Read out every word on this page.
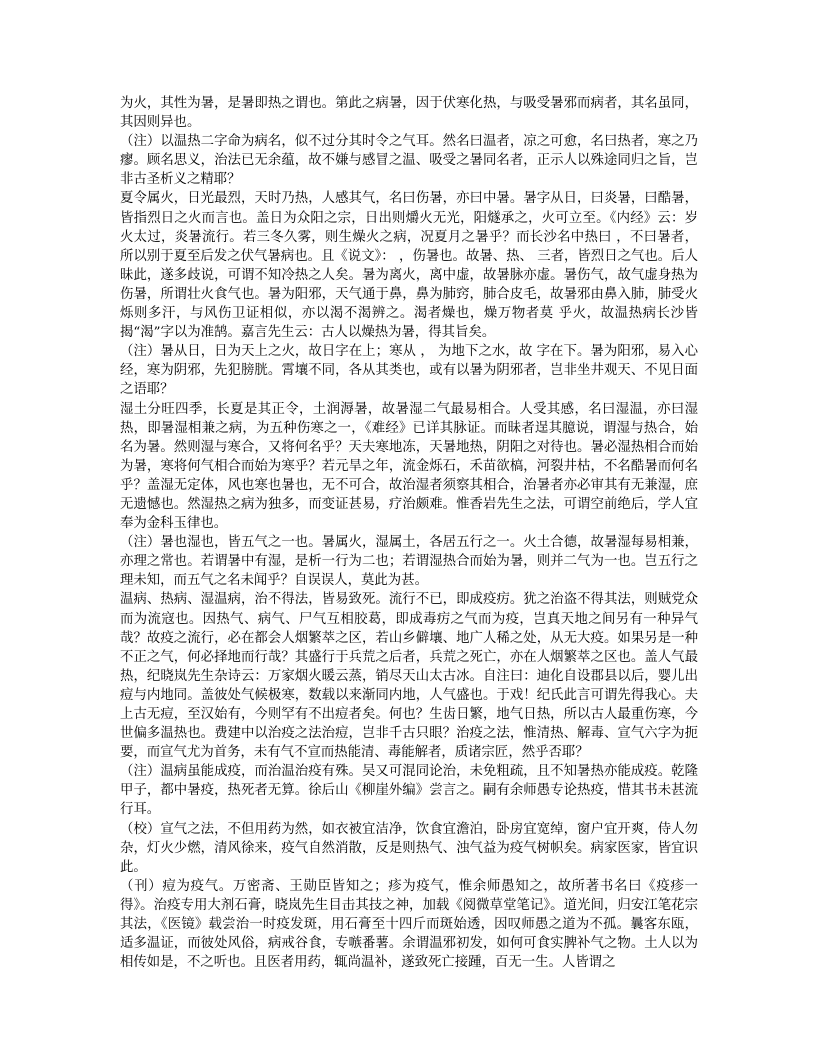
为火，其性为暑，是暑即热之谓也。第此之病暑，因于伏寒化热，与吸受暑邪而病者，其名虽同，其因则异也。

（注）以温热二字命为病名，似不过分其时令之气耳。然名曰温者，凉之可愈，名曰热者，寒之乃瘳。顾名思义，治法已无余蕴，故不嫌与感冒之温、吸受之暑同名者，正示人以殊途同归之旨，岂非古圣析义之精耶？

夏令属火，日光最烈，天时乃热，人感其气，名曰伤暑，亦曰中暑。暑字从日，曰炎暑，曰酷暑，皆指烈日之火而言也。盖日为众阳之宗，日出则爝火无光，阳燧承之，火可立至。《内经》云：岁火太过，炎暑流行。若三冬久雾，则生燥火之病，况夏月之暑乎？而长沙名中热曰 ，不曰暑者，所以别于夏至后发之伏气暑病也。且《说文》： ，伤暑也。故暑、热、 三者，皆烈日之气也。后人昧此，遂多歧说，可谓不知冷热之人矣。暑为离火，离中虚，故暑脉亦虚。暑伤气，故气虚身热为伤暑，所谓壮火食气也。暑为阳邪，天气通于鼻，鼻为肺窍，肺合皮毛，故暑邪由鼻入肺，肺受火烁则多汗，与风伤卫证相似，亦以渴不渴辨之。渴者燥也，燥万物者莫 乎火，故温热病长沙皆揭“渴”字以为准鹄。嘉言先生云：古人以燥热为暑，得其旨矣。

（注）暑从日，日为天上之火，故日字在上；寒从 ， 为地下之水，故 字在下。暑为阳邪，易入心经，寒为阴邪，先犯膀胱。霄壤不同，各从其类也，或有以暑为阴邪者，岂非坐井观天、不见日面之语耶？

湿土分旺四季，长夏是其正令，土润溽暑，故暑湿二气最易相合。人受其感，名曰湿温，亦曰湿热，即暑湿相兼之病，为五种伤寒之一，《难经》已详其脉证。而昧者逞其臆说，谓湿与热合，始名为暑。然则湿与寒合，又将何名乎？天夫寒地冻，天暑地热，阴阳之对待也。暑必湿热相合而始为暑，寒将何气相合而始为寒乎？若元旱之年，流金烁石，禾苗欲槁，河裂井枯，不名酷暑而何名乎？盖湿无定体，风也寒也暑也，无不可合，故治湿者须察其相合，治暑者亦必审其有无兼湿，庶无遗憾也。然湿热之病为独多，而变证甚易，疗治颇难。惟香岩先生之法，可谓空前绝后，学人宜奉为金科玉律也。

（注）暑也湿也，皆五气之一也。暑属火，湿属土，各居五行之一。火土合德，故暑湿每易相兼，亦理之常也。若谓暑中有湿，是析一行为二也；若谓湿热合而始为暑，则并二气为一也。岂五行之理未知，而五气之名未闻乎？自误误人，莫此为甚。

温病、热病、湿温病，治不得法，皆易致死。流行不已，即成疫疠。犹之治盗不得其法，则贼党众而为流寇也。因热气、病气、尸气互相胶葛，即成毒疠之气而为疫，岂真天地之间另有一种异气哉？故疫之流行，必在都会人烟繁萃之区，若山乡僻壤、地广人稀之处，从无大疫。如果另是一种不正之气，何必择地而行哉？其盛行于兵荒之后者，兵荒之死亡，亦在人烟繁萃之区也。盖人气最热，纪晓岚先生杂诗云：万家烟火暖云蒸，销尽天山太古冰。自注曰：迪化自设郡县以后，婴儿出痘与内地同。盖彼处气候极寒，数载以来渐同内地，人气盛也。于戏！纪氏此言可谓先得我心。夫上古无痘，至汉始有，今则罕有不出痘者矣。何也？生齿日繁，地气日热，所以古人最重伤寒，今世偏多温热也。费建中以治疫之法治痘，岂非千古只眼？治疫之法，惟清热、解毒、宣气六字为扼要，而宣气尤为首务，未有气不宣而热能清、毒能解者，质诸宗匠，然乎否耶？

（注）温病虽能成疫，而治温治疫有殊。吴又可混同论治，未免粗疏，且不知暑热亦能成疫。乾隆甲子，都中暑疫，热死者无算。徐后山《柳崖外编》尝言之。嗣有余师愚专论热疫，惜其书未甚流行耳。

（校）宣气之法，不但用药为然，如衣被宜洁净，饮食宜澹泊，卧房宜宽绰，窗户宜开爽，侍人勿杂，灯火少燃，清风徐来，疫气自然消散，反是则热气、浊气益为疫气树帜矣。病家医家，皆宜识此。

（刊）痘为疫气。万密斋、王勋臣皆知之；疹为疫气，惟余师愚知之，故所著书名曰《疫疹一得》。治疫专用大剂石膏，晓岚先生目击其技之神，加载《阅微草堂笔记》。道光间，归安江笔花宗其法，《医镜》载尝治一时疫发斑，用石膏至十四斤而斑始透，因叹师愚之道为不孤。曩客东瓯，适多温证，而彼处风俗，病戒谷食，专嗾番薯。余谓温邪初发，如何可食实脾补气之物。土人以为相传如是，不之听也。且医者用药，辄尚温补，遂致死亡接踵，百无一生。人皆谓之
